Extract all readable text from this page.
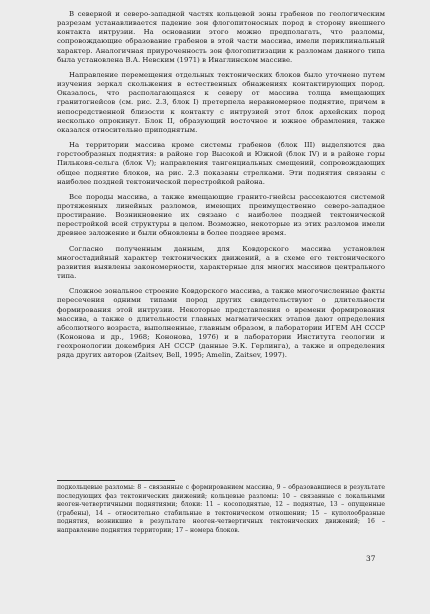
В северной и северо-западной частях кольцевой зоны грабенов по геологическим разрезам устанавливается падение зон флогопитоносных пород в сторону внешнего контакта интрузии. На основании этого можно предполагать, что разломы, сопровождающие образование грабенов в этой части массива, имели периклинальный характер. Аналогичная приуроченность зон флогопитизации к разломам данного типа была установлена В.А. Невским (1971) в Инаглинском массиве.

Направление перемещения отдельных тектонических блоков было уточнено путем изучения зеркал скольжения в естественных обнажениях контактирующих пород. Оказалось, что располагающаяся к северу от массива толща вмещающих гранитогнейсов (см. рис. 2.3, блок I) претерпела неравномерное поднятие, причем в непосредственной близости к контакту с интрузией этот блок архейских пород несколько опрокинут. Блок II, образующий восточное и южное обрамления, также оказался относительно приподнятым.

На территории массива кроме системы грабенов (блок III) выделяются два горстообразных поднятия: в районе гор Высокой и Южной (блок IV) и в районе горы Пильковя-сельга (блок V); направления тангенциальных смещений, сопровождающих общее поднятие блоков, на рис. 2.3 показаны стрелками. Эти поднятия связаны с наиболее поздней тектонической перестройкой района.

Все породы массива, а также вмещающие гранито-гнейсы рассекаются системой протяженных линейных разломов, имеющих преимущественно северо-западное простирание. Возникновение их связано с наиболее поздней тектонической перестройкой всей структуры в целом. Возможно, некоторые из этих разломов имели древнее заложение и были обновлены в более позднее время.

Согласно полученным данным, для Ковдорского массива установлен многостадийный характер тектонических движений, а в схеме его тектонического развития выявлены закономерности, характерные для многих массивов центрального типа.

Сложное зональное строение Ковдорского массива, а также многочисленные факты пересечения одними типами пород других свидетельствуют о длительности формирования этой интрузии. Некоторые представления о времени формирования массива, а также о длительности главных магматических этапов дают определения абсолютного возраста, выполненные, главным образом, в лаборатории ИГЕМ АН СССР (Кононова и др., 1968; Кононова, 1976) и в лаборатории Института геологии и геохронологии докембрия АН СССР (данные Э.К. Герлинга), а также и определения ряда других авторов (Zaitsev, Bell, 1995; Amelin, Zaitsev, 1997).

подкольцевые разломы: 8 – связанные с формированием массива, 9 – образовавшиеся в результате последующих фаз тектонических движений; кольцевые разломы: 10 – связанные с локальными неоген-четвертичными поднятиями; блоки: 11 – косоподнятые, 12 – поднятые, 13 – опущенные (грабены), 14 – относительно стабильные в тектоническом отношении; 15 – куполообразные поднятия, возникшие в результате неоген-четвертичных тектонических движений; 16 – направление поднятия территории; 17 – номера блоков.

37
